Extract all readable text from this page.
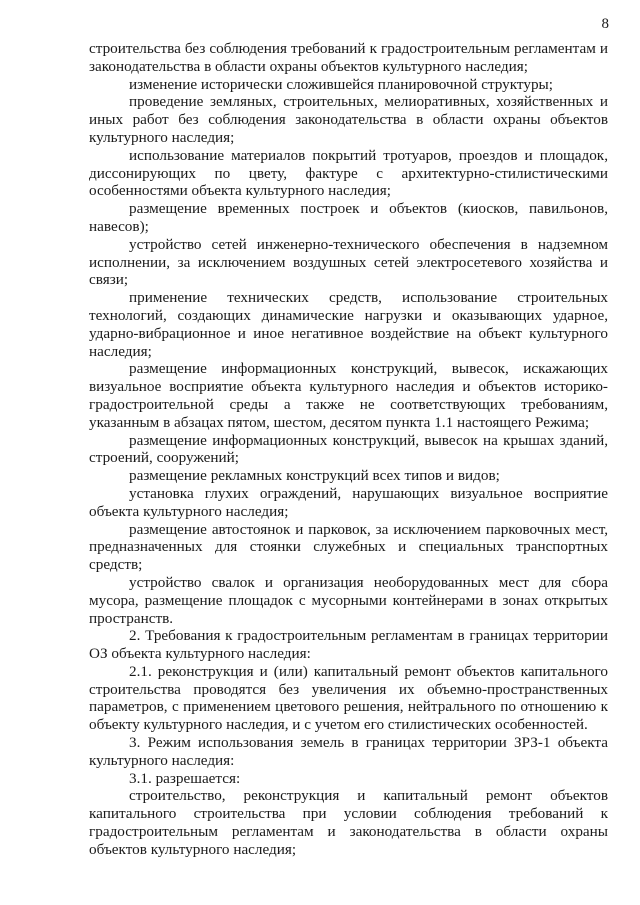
8

строительства без соблюдения требований к градостроительным регламентам и законодательства в области охраны объектов культурного наследия;

изменение исторически сложившейся планировочной структуры;

проведение земляных, строительных, мелиоративных, хозяйственных и иных работ без соблюдения законодательства в области охраны объектов культурного наследия;

использование материалов покрытий тротуаров, проездов и площадок, диссонирующих по цвету, фактуре с архитектурно-стилистическими особенностями объекта культурного наследия;

размещение временных построек и объектов (киосков, павильонов, навесов);

устройство сетей инженерно-технического обеспечения в надземном исполнении, за исключением воздушных сетей электросетевого хозяйства и связи;

применение технических средств, использование строительных технологий, создающих динамические нагрузки и оказывающих ударное, ударно-вибрационное и иное негативное воздействие на объект культурного наследия;

размещение информационных конструкций, вывесок, искажающих визуальное восприятие объекта культурного наследия и объектов историко-градостроительной среды а также не соответствующих требованиям, указанным в абзацах пятом, шестом, десятом пункта 1.1 настоящего Режима;

размещение информационных конструкций, вывесок на крышах зданий, строений, сооружений;

размещение рекламных конструкций всех типов и видов;

установка глухих ограждений, нарушающих визуальное восприятие объекта культурного наследия;

размещение автостоянок и парковок, за исключением парковочных мест, предназначенных для стоянки служебных и специальных транспортных средств;

устройство свалок и организация необорудованных мест для сбора мусора, размещение площадок с мусорными контейнерами в зонах открытых пространств.

2. Требования к градостроительным регламентам в границах территории ОЗ объекта культурного наследия:

2.1. реконструкция и (или) капитальный ремонт объектов капитального строительства проводятся без увеличения их объемно-пространственных параметров, с применением цветового решения, нейтрального по отношению к объекту культурного наследия, и с учетом его стилистических особенностей.

3. Режим использования земель в границах территории ЗРЗ-1 объекта культурного наследия:

3.1. разрешается:

строительство, реконструкция и капитальный ремонт объектов капитального строительства при условии соблюдения требований к градостроительным регламентам и законодательства в области охраны объектов культурного наследия;
